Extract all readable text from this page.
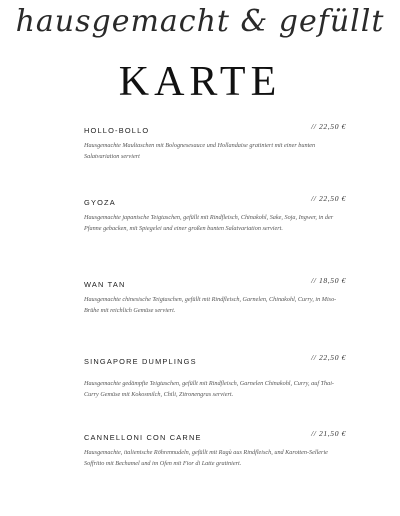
hausgemacht & gefüllt
KARTE
HOLLO-BOLLO	// 22,50 €
Hausgemachte Maultaschen mit Bolognesesauce und Hollandaise gratiniert mit einer bunten Salatvariation serviert
GYOZA	// 22,50 €
Hausgemachte japanische Teigtaschen, gefüllt mit Rindfleisch, Chinakohl, Sake, Soja, Ingwer, in der Pfanne gebacken, mit Spiegelei und einer großen bunten Salatvariation serviert.
WAN TAN	// 18,50 €
Hausgemachte chinesische Teigtaschen, gefüllt mit Rindfleisch, Garnelen, Chinakohl, Curry, in Miso-Brühe mit reichlich Gemüse serviert.
SINGAPORE DUMPLINGS	// 22,50 €
Hausgemachte gedämpfte Teigtaschen, gefüllt mit Rindfleisch, Garnelen Chinakohl, Curry, auf Thai-Curry Gemüse mit Kokosmilch, Chili, Zitronengras serviert.
CANNELLONI CON CARNE	// 21,50 €
Hausgemachte, italienische Röhrennudeln, gefüllt mit Ragù aus Rindfleisch, und Karotten-Sellerie Soffritto mit Bechamel und im Ofen mit Fior di Latte gratiniert.
